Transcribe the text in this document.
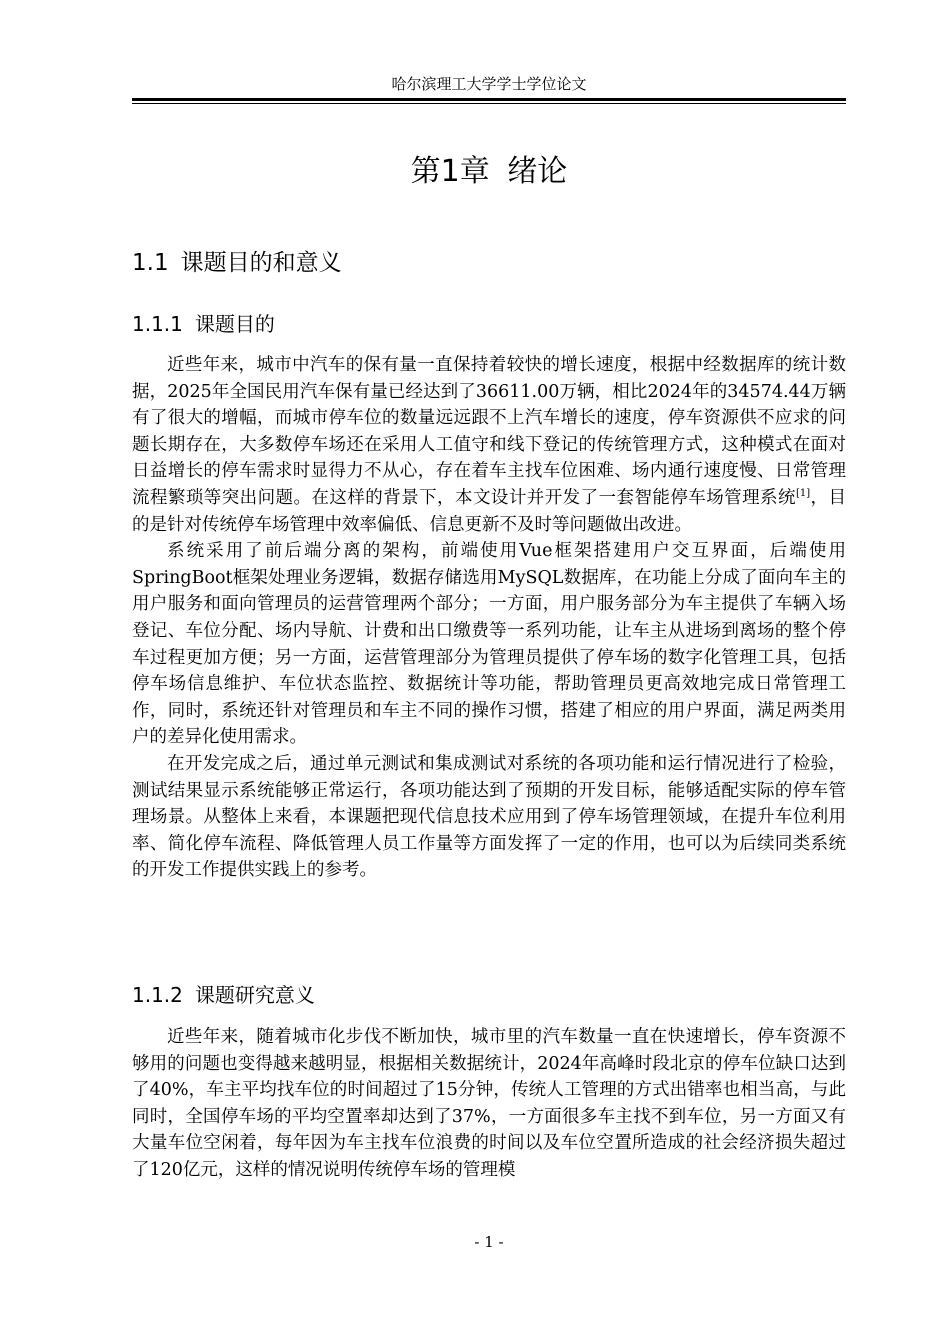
哈尔滨理工大学学士学位论文
第1章 绪论
1.1 课题目的和意义
1.1.1 课题目的

近些年来，城市中汽车的保有量一直保持着较快的增长速度，根据中经数据库的统计数据，2025年全国民用汽车保有量已经达到了36611.00万辆，相比2024年的34574.44万辆有了很大的增幅，而城市停车位的数量远远跟不上汽车增长的速度，停车资源供不应求的问题长期存在，大多数停车场还在采用人工值守和线下登记的传统管理方式，这种模式在面对日益增长的停车需求时显得力不从心，存在着车主找车位困难、场内通行速度慢、日常管理流程繁琐等突出问题。在这样的背景下，本文设计并开发了一套智能停车场管理系统[1]，目的是针对传统停车场管理中效率偏低、信息更新不及时等问题做出改进。

系统采用了前后端分离的架构，前端使用Vue框架搭建用户交互界面，后端使用SpringBoot框架处理业务逻辑，数据存储选用MySQL数据库，在功能上分成了面向车主的用户服务和面向管理员的运营管理两个部分；一方面，用户服务部分为车主提供了车辆入场登记、车位分配、场内导航、计费和出口缴费等一系列功能，让车主从进场到离场的整个停车过程更加方便；另一方面，运营管理部分为管理员提供了停车场的数字化管理工具，包括停车场信息维护、车位状态监控、数据统计等功能，帮助管理员更高效地完成日常管理工作，同时，系统还针对管理员和车主不同的操作习惯，搭建了相应的用户界面，满足两类用户的差异化使用需求。

在开发完成之后，通过单元测试和集成测试对系统的各项功能和运行情况进行了检验，测试结果显示系统能够正常运行，各项功能达到了预期的开发目标，能够适配实际的停车管理场景。从整体上来看，本课题把现代信息技术应用到了停车场管理领域，在提升车位利用率、简化停车流程、降低管理人员工作量等方面发挥了一定的作用，也可以为后续同类系统的开发工作提供实践上的参考。

1.1.2 课题研究意义

近些年来，随着城市化步伐不断加快，城市里的汽车数量一直在快速增长，停车资源不够用的问题也变得越来越明显，根据相关数据统计，2024年高峰时段北京的停车位缺口达到了40%，车主平均找车位的时间超过了15分钟，传统人工管理的方式出错率也相当高，与此同时，全国停车场的平均空置率却达到了37%，一方面很多车主找不到车位，另一方面又有大量车位空闲着，每年因为车主找车位浪费的时间以及车位空置所造成的社会经济损失超过了120亿元，这样的情况说明传统停车场的管理模

- 1 -
